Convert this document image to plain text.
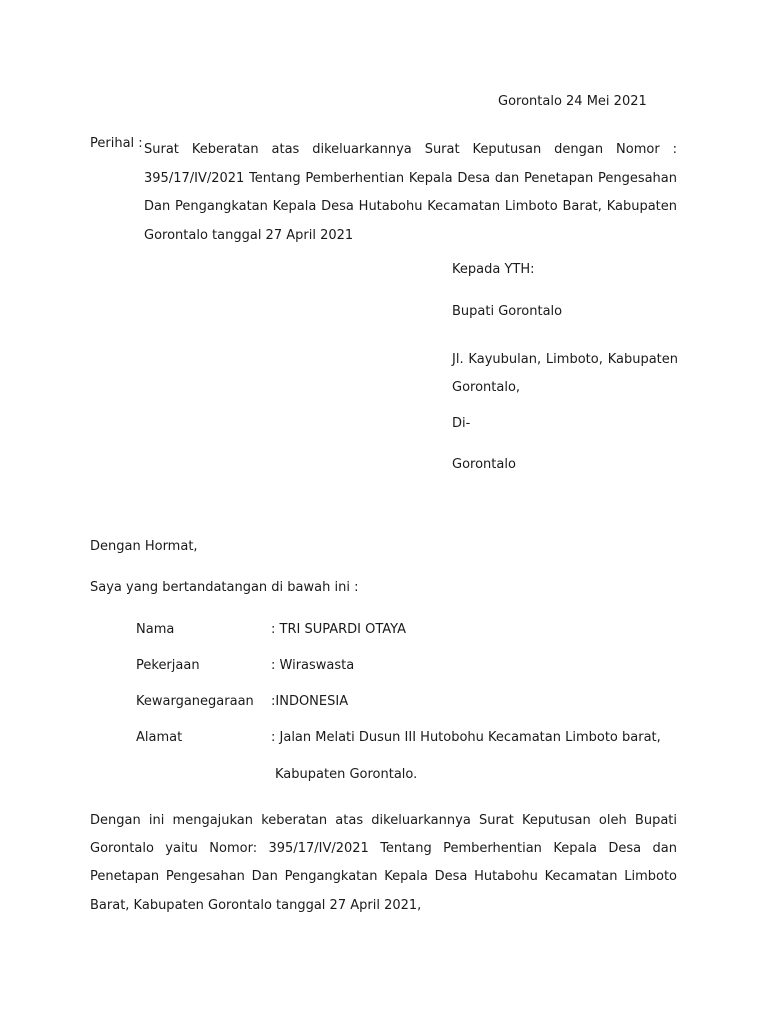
Gorontalo 24 Mei 2021
Perihal : Surat Keberatan atas dikeluarkannya Surat Keputusan dengan Nomor : 395/17/IV/2021 Tentang Pemberhentian Kepala Desa dan Penetapan Pengesahan Dan Pengangkatan Kepala Desa Hutabohu Kecamatan Limboto Barat, Kabupaten Gorontalo tanggal 27 April 2021
Kepada YTH:
Bupati Gorontalo
Jl. Kayubulan, Limboto, Kabupaten Gorontalo,
Di-
Gorontalo
Dengan Hormat,
Saya yang bertandatangan di bawah ini :
Nama	: TRI SUPARDI OTAYA
Pekerjaan	: Wiraswasta
Kewarganegaraan :INDONESIA
Alamat	: Jalan Melati Dusun III Hutobohu Kecamatan Limboto barat,
Kabupaten Gorontalo.
Dengan ini mengajukan keberatan atas dikeluarkannya Surat Keputusan oleh Bupati Gorontalo yaitu Nomor: 395/17/IV/2021 Tentang Pemberhentian Kepala Desa dan Penetapan Pengesahan Dan Pengangkatan Kepala Desa Hutabohu Kecamatan Limboto Barat, Kabupaten Gorontalo tanggal 27 April 2021,
